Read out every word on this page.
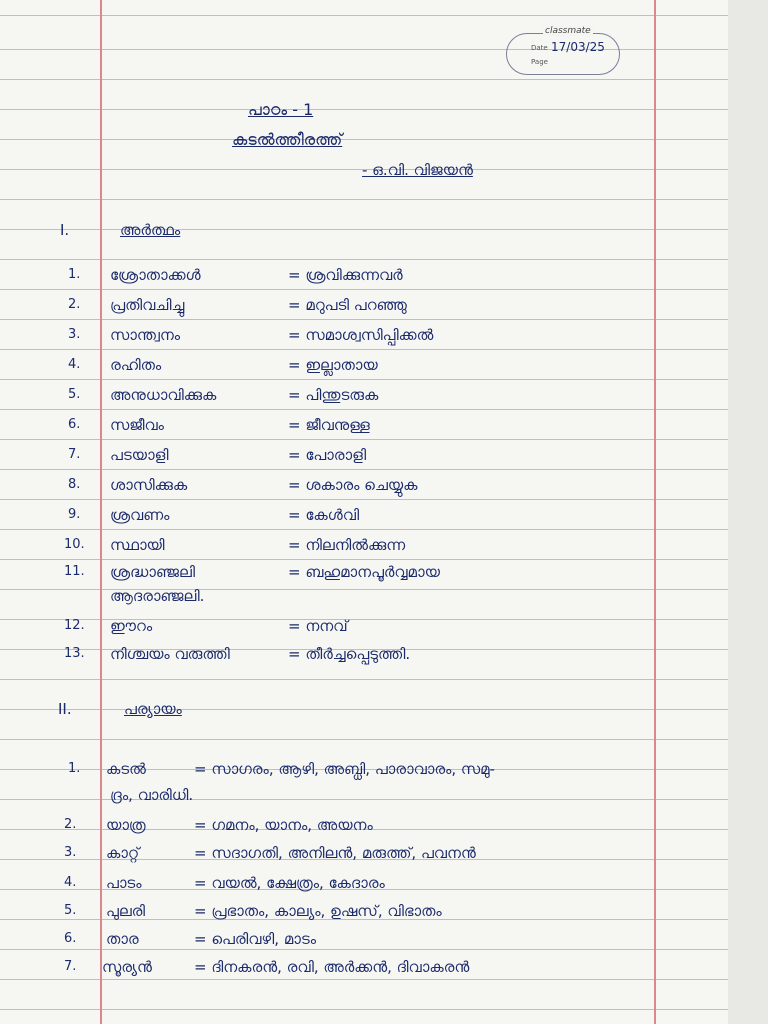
classmate
Date
Page
17/03/25
പാഠം - 1
കടൽത്തീരത്ത്
- ഒ.വി. വിജയൻ
I.	അർത്ഥം
1. ശ്രോതാക്കൾ	= ശ്രവിക്കുന്നവർ
2. പ്രതിവചിച്ചു	= മറുപടി പറഞ്ഞു
3. സാന്ത്വനം	= സമാശ്വസിപ്പിക്കൽ
4. രഹിതം	= ഇല്ലാതായ
5. അനുധാവിക്കുക	= പിന്തുടരുക
6. സജീവം	= ജീവനുള്ള
7. പടയാളി	= പോരാളി
8. ശാസിക്കുക	= ശകാരം ചെയ്യുക
9. ശ്രവണം	= കേൾവി
10. സ്ഥായി	= നിലനിൽക്കുന്ന
11. ശ്രദ്ധാഞ്ജലി	= ബഹുമാനപൂർവ്വമായ
ആദരാഞ്ജലി.
12. ഈറം	= നനവ്
13. നിശ്ചയം വരുത്തി	= തീർച്ചപ്പെടുത്തി.
II.	പര്യായം
1. കടൽ	= സാഗരം, ആഴി, അബ്ധി, പാരാവാരം, സമു-
ദ്രം, വാരിധി.
2. യാത്ര	= ഗമനം, യാനം, അയനം
3. കാറ്റ്	= സദാഗതി, അനിലൻ, മരുത്ത്, പവനൻ
4. പാടം	= വയൽ, ക്ഷേത്രം, കേദാരം
5. പുലരി	= പ്രഭാതം, കാല്യം, ഉഷസ്, വിഭാതം
6. താര	= പെരിവഴി, മാടം
7. സൂര്യൻ	= ദിനകരൻ, രവി, അർക്കൻ, ദിവാകരൻ
